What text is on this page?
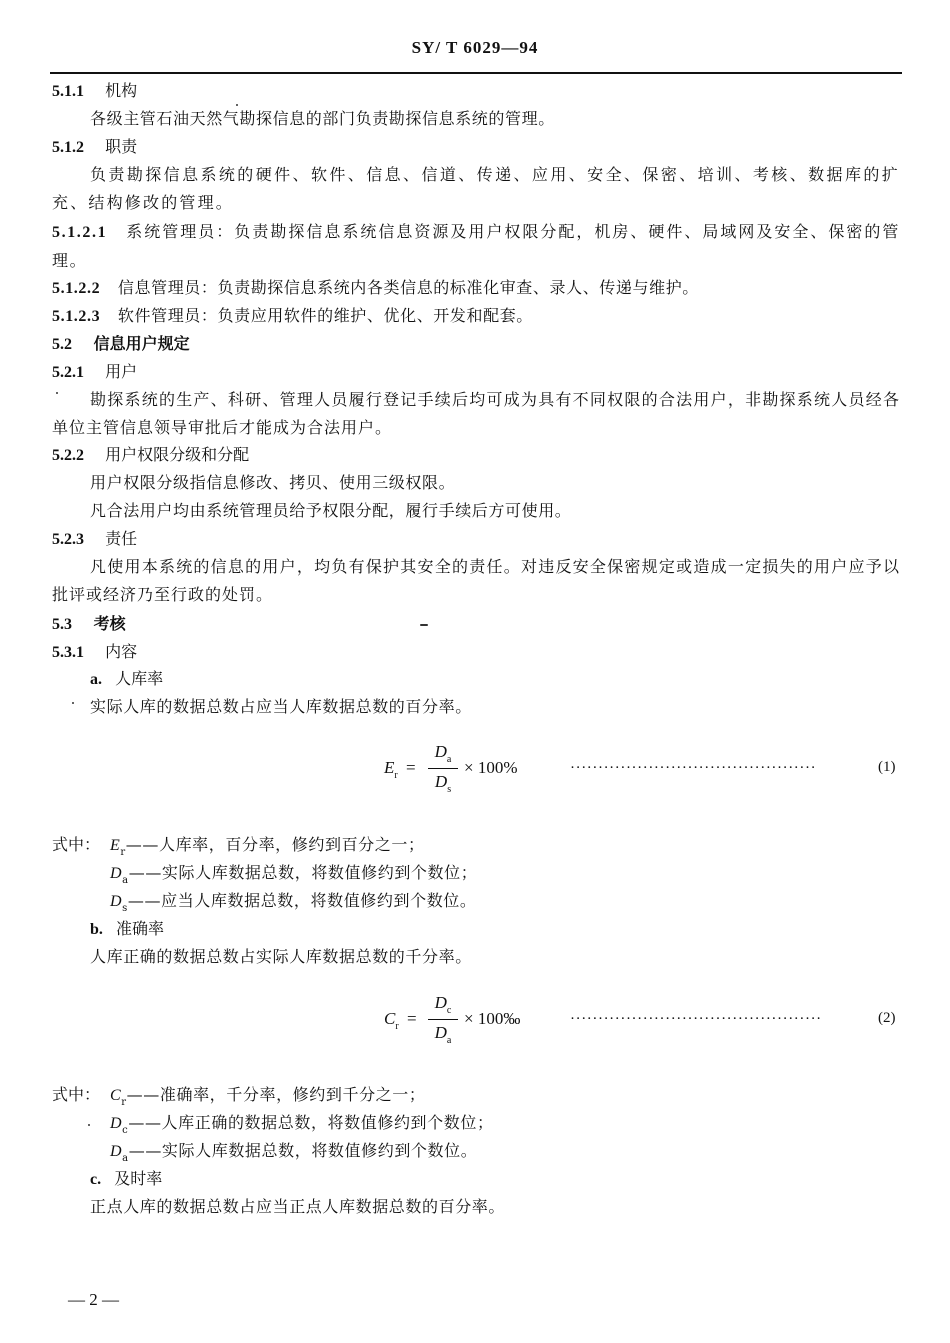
SY/ T 6029—94
5.1.1 机构
各级主管石油天然气勘探信息的部门负责勘探信息系统的管理。
5.1.2 职责
负责勘探信息系统的硬件、软件、信息、信道、传递、应用、安全、保密、培训、考核、数据库的扩充、结构修改的管理。
5.1.2.1 系统管理员：负责勘探信息系统信息资源及用户权限分配，机房、硬件、局域网及安全、保密的管理。
5.1.2.2 信息管理员：负责勘探信息系统内各类信息的标准化审查、录人、传递与维护。
5.1.2.3 软件管理员：负责应用软件的维护、优化、开发和配套。
5.2 信息用户规定
5.2.1 用户
勘探系统的生产、科研、管理人员履行登记手续后均可成为具有不同权限的合法用户，非勘探系统人员经各单位主管信息领导审批后才能成为合法用户。
5.2.2 用户权限分级和分配
用户权限分级指信息修改、拷贝、使用三级权限。
凡合法用户均由系统管理员给予权限分配，履行手续后方可使用。
5.2.3 责任
凡使用本系统的信息的用户，均负有保护其安全的责任。对违反安全保密规定或造成一定损失的用户应予以批评或经济乃至行政的处罚。
5.3 考核
5.3.1 内容
a. 人库率
实际人库的数据总数占应当人库数据总数的百分率。
$E_r$ =
$D_a$
$D_s$
× 100%	············································	(1)
式中： $E_r——$人库率，百分率，修约到百分之一；
$D_a——$实际人库数据总数，将数值修约到个数位；
$D_s——$应当人库数据总数，将数值修约到个数位。
b. 准确率
人库正确的数据总数占实际人库数据总数的千分率。
$C_r$ =
$D_c$
$D_a$
× 100‰	·············································	(2)
式中： $C_r——$准确率，千分率，修约到千分之一；
$D_c——$人库正确的数据总数，将数值修约到个数位；
$D_a——$实际人库数据总数，将数值修约到个数位。
c. 及时率
正点人库的数据总数占应当正点人库数据总数的百分率。
— 2 —
